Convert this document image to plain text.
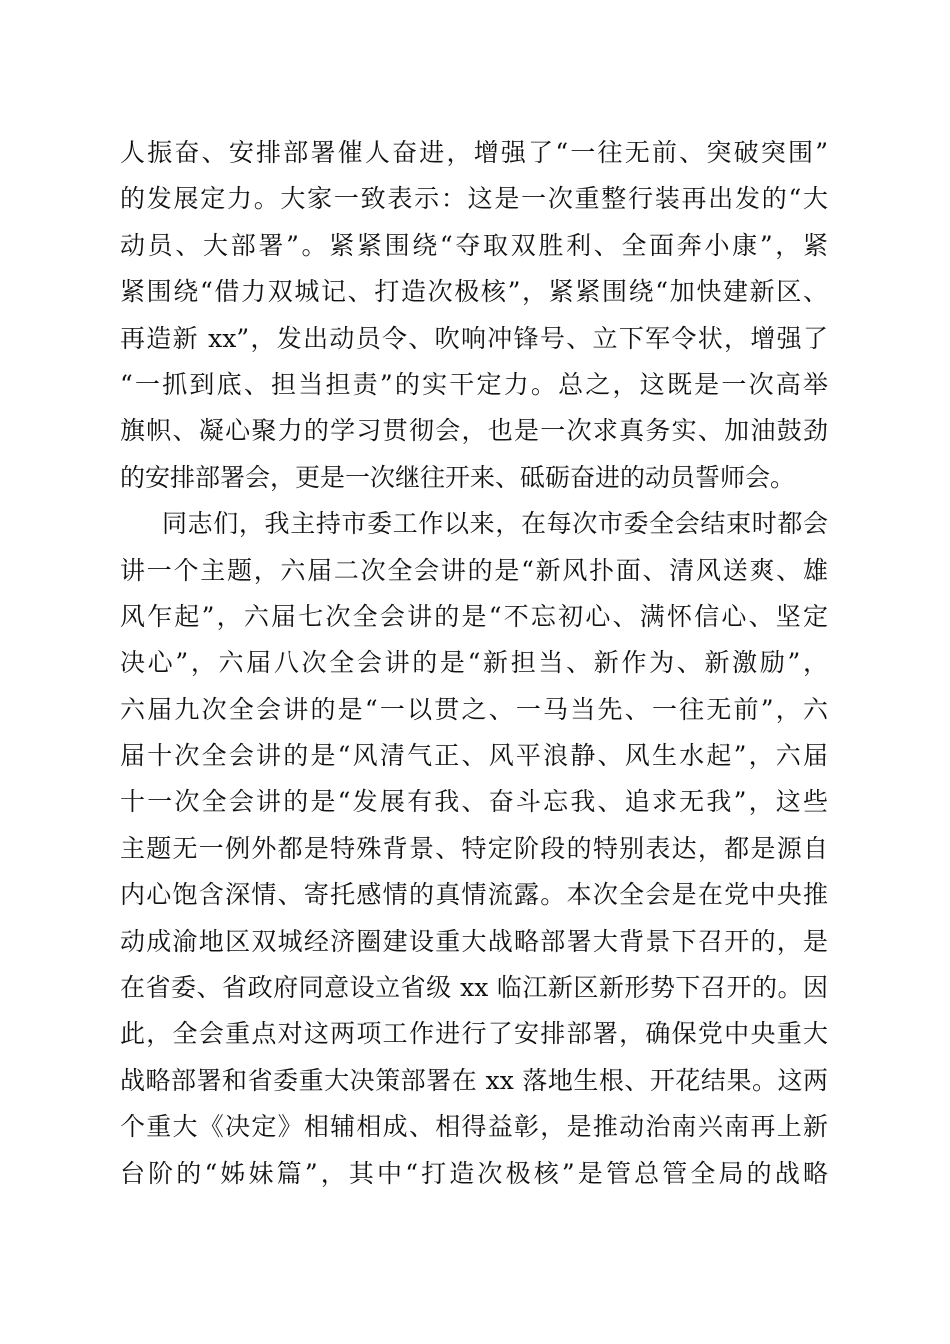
人振奋、安排部署催人奋进，增强了“一往无前、突破突围”
的发展定力。大家一致表示：这是一次重整行装再出发的“大
动员、大部署”。紧紧围绕“夺取双胜利、全面奔小康”，紧
紧围绕“借力双城记、打造次极核”，紧紧围绕“加快建新区、
再造新 xx”，发出动员令、吹响冲锋号、立下军令状，增强了
“一抓到底、担当担责”的实干定力。总之，这既是一次高举
旗帜、凝心聚力的学习贯彻会，也是一次求真务实、加油鼓劲
的安排部署会，更是一次继往开来、砥砺奋进的动员誓师会。
同志们，我主持市委工作以来，在每次市委全会结束时都会
讲一个主题，六届二次全会讲的是“新风扑面、清风送爽、雄
风乍起”，六届七次全会讲的是“不忘初心、满怀信心、坚定
决心”，六届八次全会讲的是“新担当、新作为、新激励”，
六届九次全会讲的是“一以贯之、一马当先、一往无前”，六
届十次全会讲的是“风清气正、风平浪静、风生水起”，六届
十一次全会讲的是“发展有我、奋斗忘我、追求无我”，这些
主题无一例外都是特殊背景、特定阶段的特别表达，都是源自
内心饱含深情、寄托感情的真情流露。本次全会是在党中央推
动成渝地区双城经济圈建设重大战略部署大背景下召开的，是
在省委、省政府同意设立省级 xx 临江新区新形势下召开的。因
此，全会重点对这两项工作进行了安排部署，确保党中央重大
战略部署和省委重大决策部署在 xx 落地生根、开花结果。这两
个重大《决定》相辅相成、相得益彰，是推动治南兴南再上新
台阶的“姊妹篇”，其中“打造次极核”是管总管全局的战略
